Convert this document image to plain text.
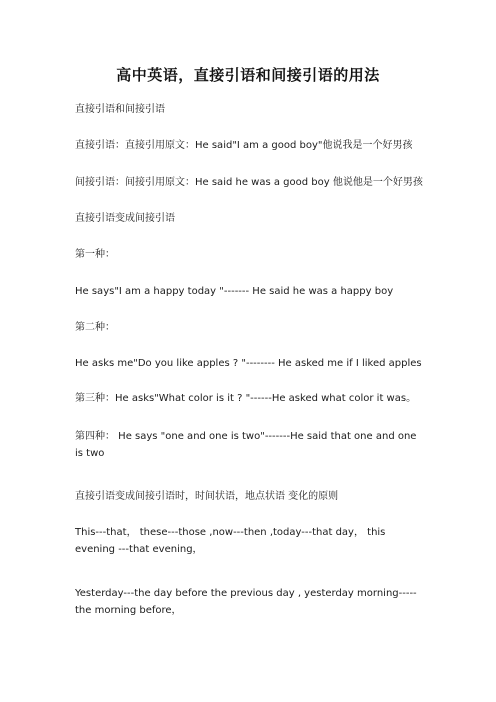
高中英语，直接引语和间接引语的用法
直接引语和间接引语
直接引语：直接引用原文：He said"I am a good boy"他说我是一个好男孩
间接引语：间接引用原文：He said he was a good boy 他说他是一个好男孩
直接引语变成间接引语
第一种：
He says"I am a happy today "------- He said he was a happy boy
第二种：
He asks me"Do you like apples ? "-------- He asked me if I liked apples
第三种：He asks"What color is it ? "------He asked what color it was。
第四种： He says "one and one is two"-------He said that one and one is two
直接引语变成间接引语时，时间状语，地点状语 变化的原则
This---that， these---those ,now---then ,today---that day， this evening ---that evening，
Yesterday---the day before the previous day , yesterday morning-----the morning before，
